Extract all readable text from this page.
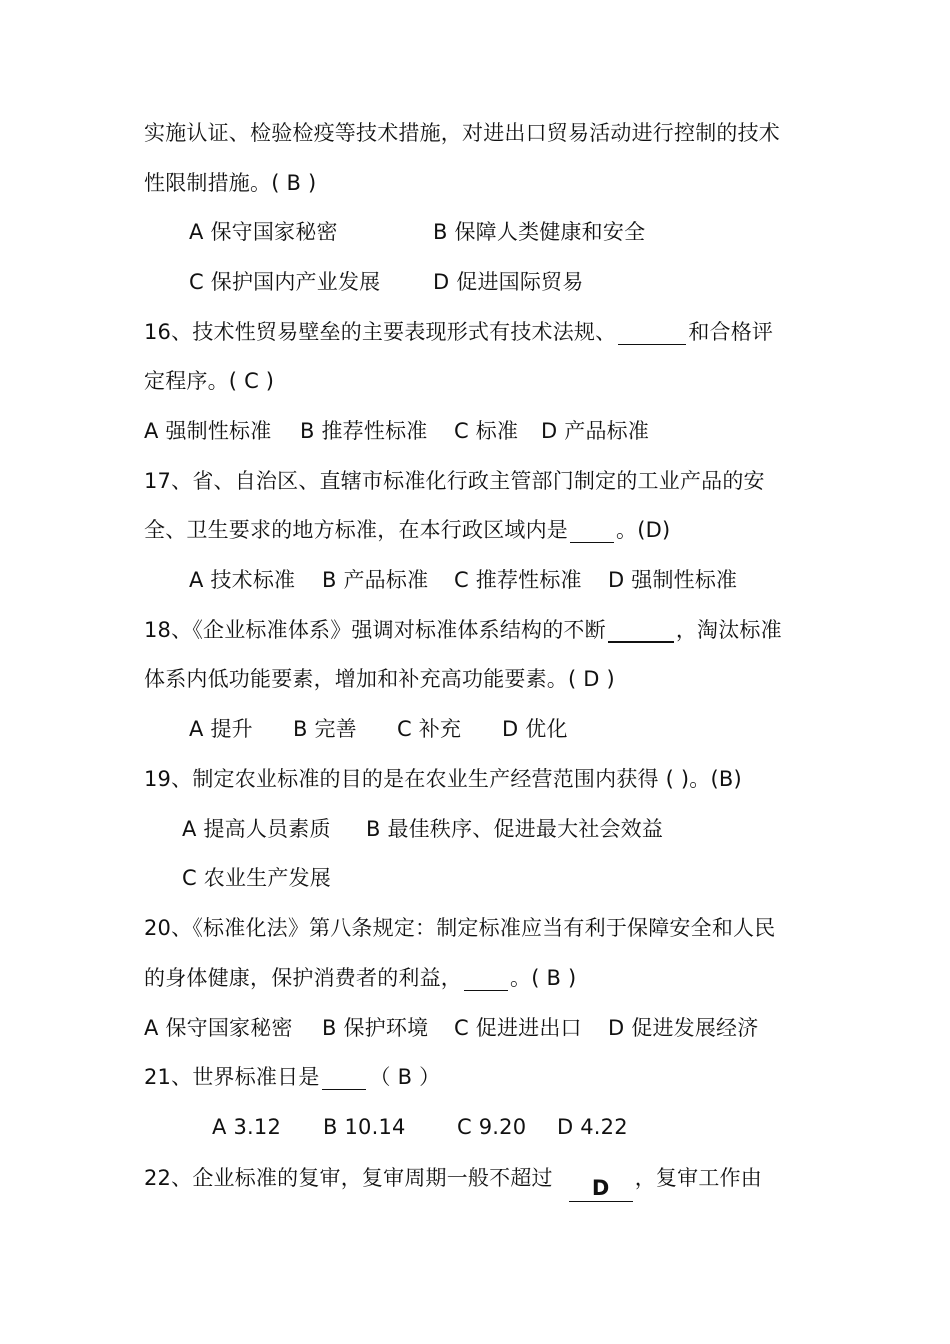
实施认证、检验检疫等技术措施，对进出口贸易活动进行控制的技术
性限制措施。( B )
A 保守国家秘密	B 保障人类健康和安全
C 保护国内产业发展	D 促进国际贸易
16、技术性贸易壁垒的主要表现形式有技术法规、	和合格评
定程序。( C )
A 强制性标准 B 推荐性标准 C 标准 D 产品标准
17、省、自治区、直辖市标准化行政主管部门制定的工业产品的安
全、卫生要求的地方标准，在本行政区域内是 。(D)
A 技术标准 B 产品标准 C 推荐性标准 D 强制性标准
18、《企业标准体系》强调对标准体系结构的不断	，淘汰标准
体系内低功能要素，增加和补充高功能要素。( D )
A 提升 B 完善 C 补充 D 优化
19、制定农业标准的目的是在农业生产经营范围内获得 ( )。(B)
A 提高人员素质 B 最佳秩序、促进最大社会效益
C 农业生产发展
20、《标准化法》第八条规定：制定标准应当有利于保障安全和人民
的身体健康，保护消费者的利益， 。( B )
A 保守国家秘密 B 保护环境 C 促进进出口 D 促进发展经济
21、世界标准日是 （ B ）
A 3.12 B 10.14 C 9.20 D 4.22
22、企业标准的复审，复审周期一般不超过 D ，复审工作由
